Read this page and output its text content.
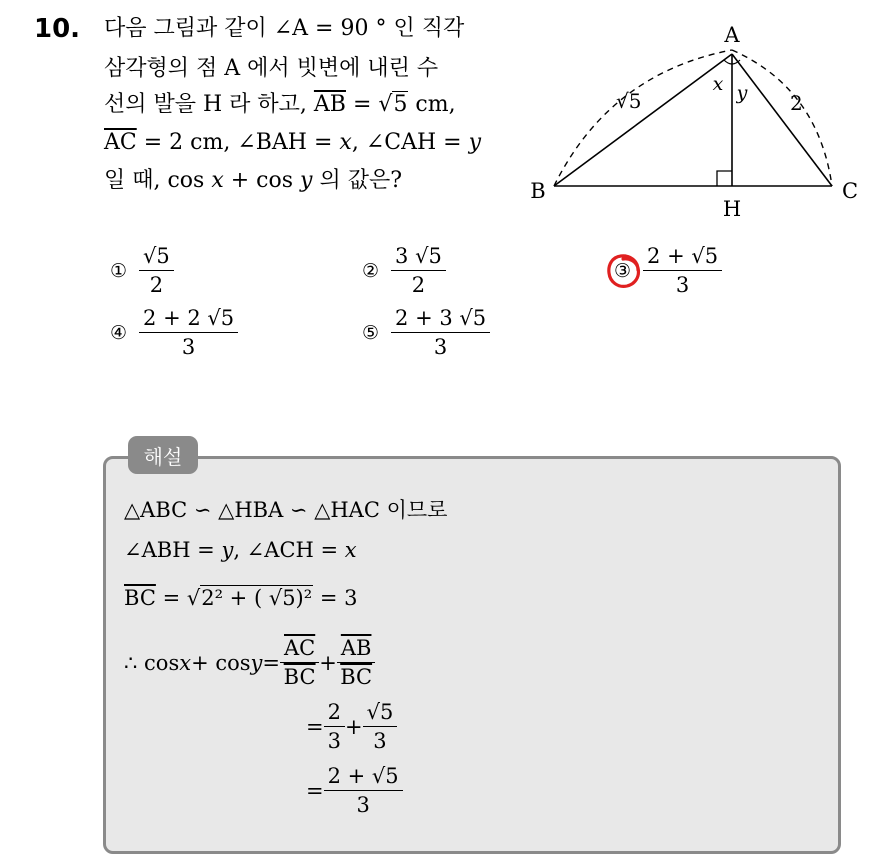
10. 다음 그림과 같이 ∠A = 90 ° 인 직각
삼각형의 점 A 에서 빗변에 내린 수
선의 발을 H 라 하고, $\overline{AB} = √5$ cm,
$\overline{AC} = 2$ cm, ∠BAH = x, ∠CAH = y
일 때, cos x + cos y 의 값은?
A
B	C
H
x y
√5	2
① $\frac{√5}{2}$	② $\frac{3 √5}{2}$	③ $\frac{2 + √5}{3}$
④ $\frac{2 + 2 √5}{3}$	⑤ $\frac{2 + 3 √5}{3}$
해설
△ABC ∽ △HBA ∽ △HAC 이므로
∠ABH = y, ∠ACH = x
$\overline{BC} = √2^2$ + ( √5)² = 3
∴ $\cos x + \cos y = \frac{\overline{AC}}{BC} + \frac{\overline{AB}}{BC}$
= $\frac{2}{3} + \frac{√5}{3}$
= $\frac{2 + √5}{3}$
